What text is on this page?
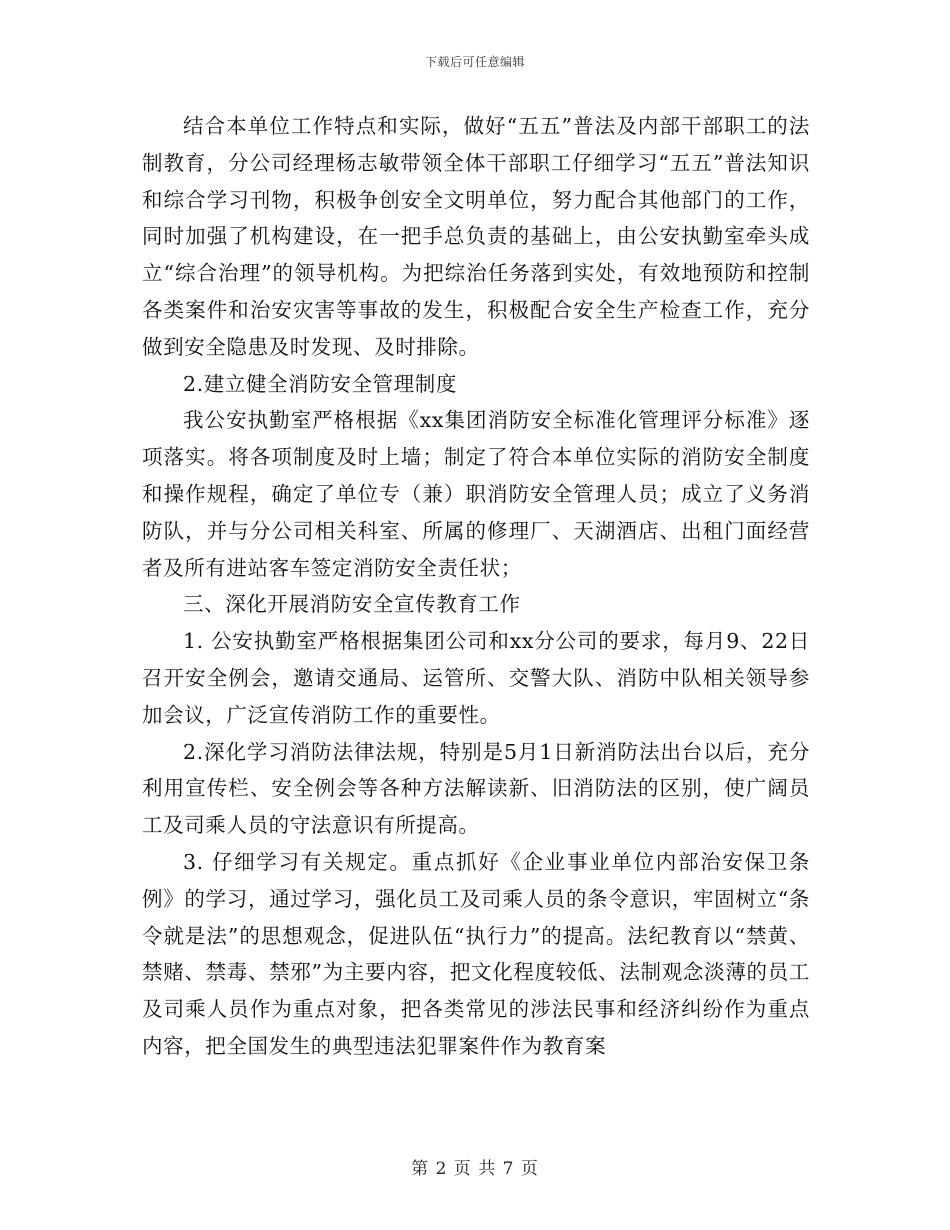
下载后可任意编辑

结合本单位工作特点和实际，做好“五五”普法及内部干部职工的法制教育，分公司经理杨志敏带领全体干部职工仔细学习“五五”普法知识和综合学习刊物，积极争创安全文明单位，努力配合其他部门的工作，同时加强了机构建设，在一把手总负责的基础上，由公安执勤室牵头成立“综合治理”的领导机构。为把综治任务落到实处，有效地预防和控制各类案件和治安灾害等事故的发生，积极配合安全生产检查工作，充分做到安全隐患及时发现、及时排除。

2.建立健全消防安全管理制度

我公安执勤室严格根据《xx集团消防安全标准化管理评分标准》逐项落实。将各项制度及时上墙；制定了符合本单位实际的消防安全制度和操作规程，确定了单位专（兼）职消防安全管理人员；成立了义务消防队，并与分公司相关科室、所属的修理厂、天湖酒店、出租门面经营者及所有进站客车签定消防安全责任状；

三、深化开展消防安全宣传教育工作

1. 公安执勤室严格根据集团公司和xx分公司的要求，每月9、22日召开安全例会，邀请交通局、运管所、交警大队、消防中队相关领导参加会议，广泛宣传消防工作的重要性。

2.深化学习消防法律法规，特别是5月1日新消防法出台以后，充分利用宣传栏、安全例会等各种方法解读新、旧消防法的区别，使广阔员工及司乘人员的守法意识有所提高。

3. 仔细学习有关规定。重点抓好《企业事业单位内部治安保卫条例》的学习，通过学习，强化员工及司乘人员的条令意识，牢固树立“条令就是法”的思想观念，促进队伍“执行力”的提高。法纪教育以“禁黄、禁赌、禁毒、禁邪”为主要内容，把文化程度较低、法制观念淡薄的员工及司乘人员作为重点对象，把各类常见的涉法民事和经济纠纷作为重点内容，把全国发生的典型违法犯罪案件作为教育案

第 2 页 共 7 页
